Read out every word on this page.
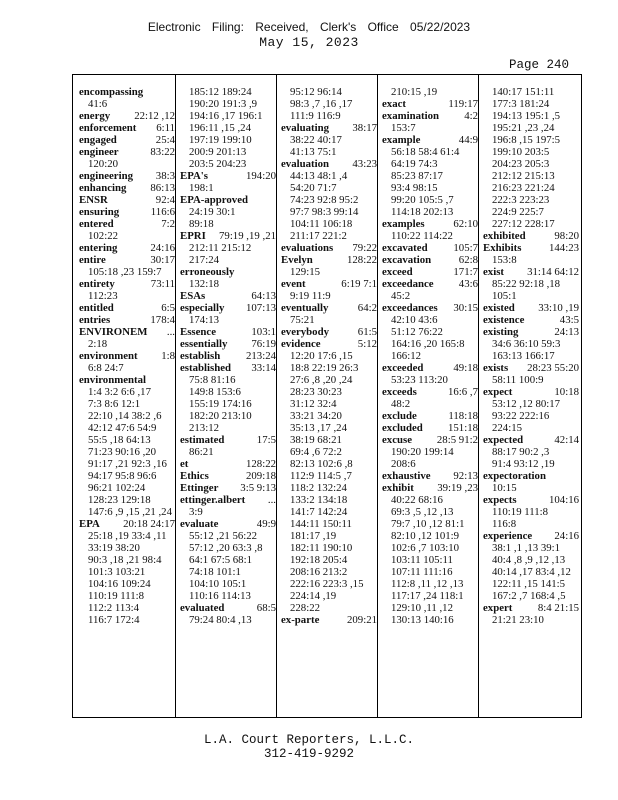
Electronic Filing: Received, Clerk's Office 05/22/2023
May 15, 2023
Page 240
encompassing
41:6
energy	22:12 ,12
enforcement	6:11
engaged	25:4
engineer	83:22
120:20
engineering	38:3
enhancing	86:13
ENSR	92:4
ensuring	116:6
entered	7:2
102:22
entering	24:16
entire	30:17
105:18 ,23 159:7
entirety	73:11
112:23
entitled	6:5
entries	178:4
ENVIRONEM	...
2:18
environment	1:8
6:8 24:7
environmental
1:4 3:2 6:6 ,17
7:3 8:6 12:1
22:10 ,14 38:2 ,6
42:12 47:6 54:9
55:5 ,18 64:13
71:23 90:16 ,20
91:17 ,21 92:3 ,16
94:17 95:8 96:6
96:21 102:24
128:23 129:18
147:6 ,9 ,15 ,21 ,24
EPA	20:18 24:17
25:18 ,19 33:4 ,11
33:19 38:20
90:3 ,18 ,21 98:4
101:3 103:21
104:16 109:24
110:19 111:8
112:2 113:4
116:7 172:4
185:12 189:24
190:20 191:3 ,9
194:16 ,17 196:1
196:11 ,15 ,24
197:19 199:10
200:9 201:13
203:5 204:23
EPA's	194:20
198:1
EPA-approved
24:19 30:1
89:18
EPRI	79:19 ,19 ,21
212:11 215:12
217:24
erroneously
132:18
ESAs	64:13
especially	107:13
174:13
Essence	103:1
essentially	76:19
establish	213:24
established	33:14
75:8 81:16
149:8 153:6
155:19 174:16
182:20 213:10
213:12
estimated	17:5
86:21
et	128:22
Ethics	209:18
Ettinger	3:5 9:13
ettinger.albert	...
3:9
evaluate	49:9
55:12 ,21 56:22
57:12 ,20 63:3 ,8
64:1 67:5 68:1
74:18 101:1
104:10 105:1
110:16 114:13
evaluated	68:5
79:24 80:4 ,13
95:12 96:14
98:3 ,7 ,16 ,17
111:9 116:9
evaluating	38:17
38:22 40:17
41:13 75:1
evaluation	43:23
44:13 48:1 ,4
54:20 71:7
74:23 92:8 95:2
97:7 98:3 99:14
104:11 106:18
211:17 221:2
evaluations	79:22
Evelyn	128:22
129:15
event	6:19 7:1
9:19 11:9
eventually	64:2
75:21
everybody	61:5
evidence	5:12
12:20 17:6 ,15
18:8 22:19 26:3
27:6 ,8 ,20 ,24
28:23 30:23
31:12 32:4
33:21 34:20
35:13 ,17 ,24
38:19 68:21
69:4 ,6 72:2
82:13 102:6 ,8
112:9 114:5 ,7
118:2 132:24
133:2 134:18
141:7 142:24
144:11 150:11
181:17 ,19
182:11 190:10
192:18 205:4
208:16 213:2
222:16 223:3 ,15
224:14 ,19
228:22
ex-parte	209:21
210:15 ,19
exact	119:17
examination	4:2
153:7
example	44:9
56:18 58:4 61:4
64:19 74:3
85:23 87:17
93:4 98:15
99:20 105:5 ,7
114:18 202:13
examples	62:10
110:22 114:22
excavated	105:7
excavation	62:8
exceed	171:7
exceedance	43:6
45:2
exceedances	30:15
42:10 43:6
51:12 76:22
164:16 ,20 165:8
166:12
exceeded	49:18
53:23 113:20
exceeds	16:6 ,7
48:2
exclude	118:18
excluded	151:18
excuse	28:5 91:2
190:20 199:14
208:6
exhaustive	92:13
exhibit	39:19 ,23
40:22 68:16
69:3 ,5 ,12 ,13
79:7 ,10 ,12 81:1
82:10 ,12 101:9
102:6 ,7 103:10
103:11 105:11
107:11 111:16
112:8 ,11 ,12 ,13
117:17 ,24 118:1
129:10 ,11 ,12
130:13 140:16
140:17 151:11
177:3 181:24
194:13 195:1 ,5
195:21 ,23 ,24
196:8 ,15 197:5
199:10 203:5
204:23 205:3
212:12 215:13
216:23 221:24
222:3 223:23
224:9 225:7
227:12 228:17
exhibited	98:20
Exhibits	144:23
153:8
exist	31:14 64:12
85:22 92:18 ,18
105:1
existed	33:10 ,19
existence	43:5
existing	24:13
34:6 36:10 59:3
163:13 166:17
exists	28:23 55:20
58:11 100:9
expect	10:18
53:12 ,12 80:17
93:22 222:16
224:15
expected	42:14
88:17 90:2 ,3
91:4 93:12 ,19
expectoration
10:15
expects	104:16
110:19 111:8
116:8
experience	24:16
38:1 ,1 ,13 39:1
40:4 ,8 ,9 ,12 ,13
40:14 ,17 83:4 ,12
122:11 ,15 141:5
167:2 ,7 168:4 ,5
expert	8:4 21:15
21:21 23:10
L.A. Court Reporters, L.L.C.
312-419-9292
